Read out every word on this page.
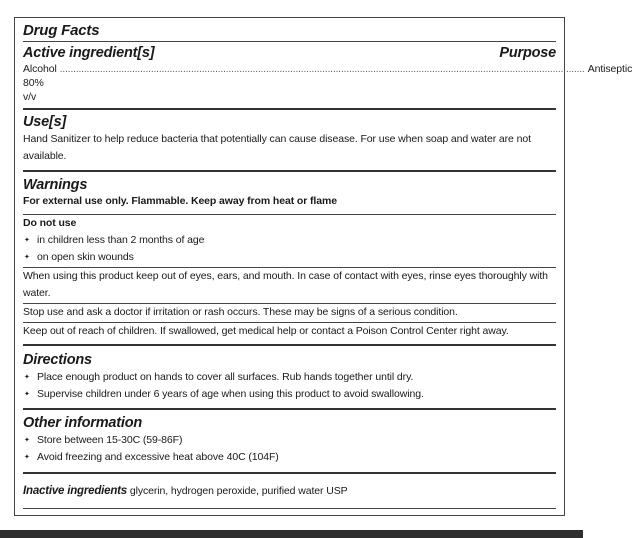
Drug Facts
Active ingredient[s]	Purpose
Alcohol 80% v/v
.................................................................................................................................................................................................... Antiseptic
Use[s]
Hand Sanitizer to help reduce bacteria that potentially can cause disease. For use when soap and water are not available.
Warnings
For external use only. Flammable. Keep away from heat or flame
Do not use
✦ in children less than 2 months of age
✦ on open skin wounds
When using this product keep out of eyes, ears, and mouth. In case of contact with eyes, rinse eyes thoroughly with water.
Stop use and ask a doctor if irritation or rash occurs. These may be signs of a serious condition.
Keep out of reach of children. If swallowed, get medical help or contact a Poison Control Center right away.
Directions
✦ Place enough product on hands to cover all surfaces. Rub hands together until dry.
✦ Supervise children under 6 years of age when using this product to avoid swallowing.
Other information
✦ Store between 15-30C (59-86F)
✦ Avoid freezing and excessive heat above 40C (104F)
Inactive ingredients glycerin, hydrogen peroxide, purified water USP
